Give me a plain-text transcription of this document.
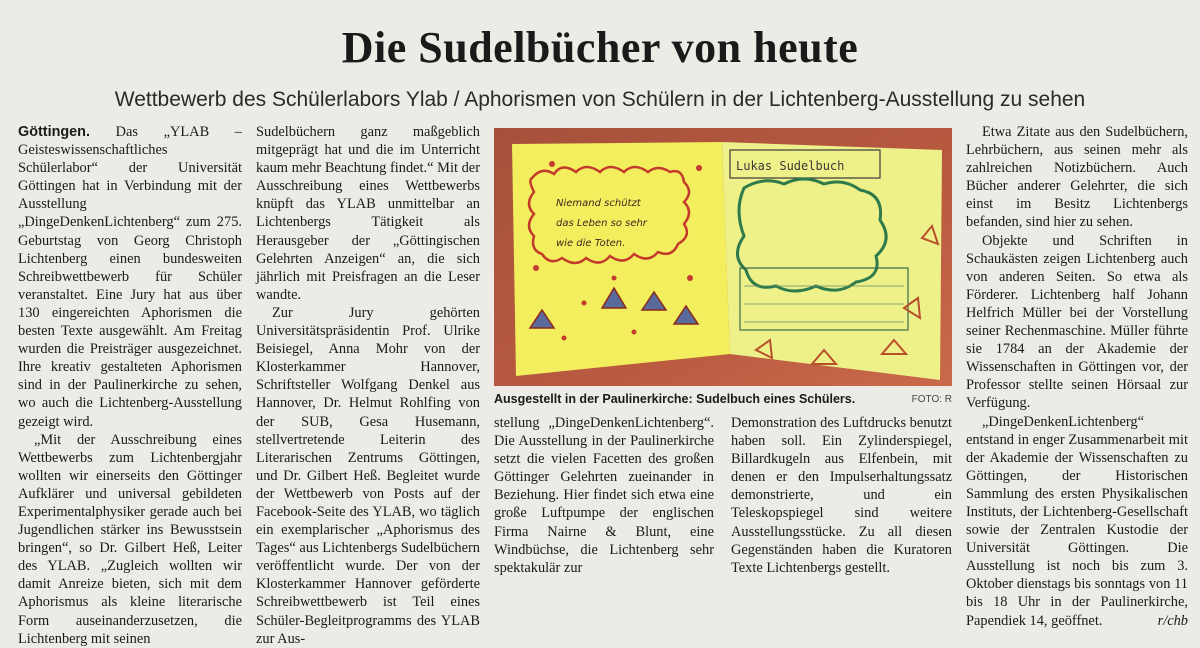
Die Sudelbücher von heute
Wettbewerb des Schülerlabors Ylab / Aphorismen von Schülern in der Lichtenberg-Ausstellung zu sehen

Göttingen. Das „YLAB – Geisteswissenschaftliches Schülerlabor“ der Universität Göttingen hat in Verbindung mit der Ausstellung „DingeDenkenLichtenberg“ zum 275. Geburtstag von Georg Christoph Lichtenberg einen bundesweiten Schreibwettbewerb für Schüler veranstaltet. Eine Jury hat aus über 130 eingereichten Aphorismen die besten Texte ausgewählt. Am Freitag wurden die Preisträger ausgezeichnet. Ihre kreativ gestalteten Aphorismen sind in der Paulinerkirche zu sehen, wo auch die Lichtenberg-Ausstellung gezeigt wird.

„Mit der Ausschreibung eines Wettbewerbs zum Lichtenbergjahr wollten wir einerseits den Göttinger Aufklärer und universal gebildeten Experimentalphysiker gerade auch bei Jugendlichen stärker ins Bewusstsein bringen“, so Dr. Gilbert Heß, Leiter des YLAB. „Zugleich wollten wir damit Anreize bieten, sich mit dem Aphorismus als kleine literarische Form auseinanderzusetzen, die Lichtenberg mit seinen

Sudelbüchern ganz maßgeblich mitgeprägt hat und die im Unterricht kaum mehr Beachtung findet.“ Mit der Ausschreibung eines Wettbewerbs knüpft das YLAB unmittelbar an Lichtenbergs Tätigkeit als Herausgeber der „Göttingischen Gelehrten Anzeigen“ an, die sich jährlich mit Preisfragen an die Leser wandte.

Zur Jury gehörten Universitätspräsidentin Prof. Ulrike Beisiegel, Anna Mohr von der Klosterkammer Hannover, Schriftsteller Wolfgang Denkel aus Hannover, Dr. Helmut Rohlfing von der SUB, Gesa Husemann, stellvertretende Leiterin des Literarischen Zentrums Göttingen, und Dr. Gilbert Heß. Begleitet wurde der Wettbewerb von Posts auf der Facebook-Seite des YLAB, wo täglich ein exemplarischer „Aphorismus des Tages“ aus Lichtenbergs Sudelbüchern veröffentlicht wurde. Der von der Klosterkammer Hannover geförderte Schreibwettbewerb ist Teil eines Schüler-Begleitprogramms des YLAB zur Aus-

Niemand schützt
das Leben so sehr
wie die Toten.
Lukas Sudelbuch
Ausgestellt in der Paulinerkirche: Sudelbuch eines Schülers.	FOTO: R

stellung „DingeDenkenLichtenberg“. Die Ausstellung in der Paulinerkirche setzt die vielen Facetten des großen Göttinger Gelehrten zueinander in Beziehung. Hier findet sich etwa eine große Luftpumpe der englischen Firma Nairne & Blunt, eine Windbüchse, die Lichtenberg sehr spektakulär zur

Demonstration des Luftdrucks benutzt haben soll. Ein Zylinderspiegel, Billardkugeln aus Elfenbein, mit denen er den Impulserhaltungssatz demonstrierte, und ein Teleskopspiegel sind weitere Ausstellungsstücke. Zu all diesen Gegenständen haben die Kuratoren Texte Lichtenbergs gestellt.

Etwa Zitate aus den Sudelbüchern, Lehrbüchern, aus seinen mehr als zahlreichen Notizbüchern. Auch Bücher anderer Gelehrter, die sich einst im Besitz Lichtenbergs befanden, sind hier zu sehen.

Objekte und Schriften in Schaukästen zeigen Lichtenberg auch von anderen Seiten. So etwa als Förderer. Lichtenberg half Johann Helfrich Müller bei der Vorstellung seiner Rechenmaschine. Müller führte sie 1784 an der Akademie der Wissenschaften in Göttingen vor, der Professor stellte seinen Hörsaal zur Verfügung.

„DingeDenkenLichtenberg“ entstand in enger Zusammenarbeit mit der Akademie der Wissenschaften zu Göttingen, der Historischen Sammlung des ersten Physikalischen Instituts, der Lichtenberg-Gesellschaft sowie der Zentralen Kustodie der Universität Göttingen. Die Ausstellung ist noch bis zum 3. Oktober dienstags bis sonntags von 11 bis 18 Uhr in der Paulinerkirche, Papendiek 14, geöffnet.	r/chb
